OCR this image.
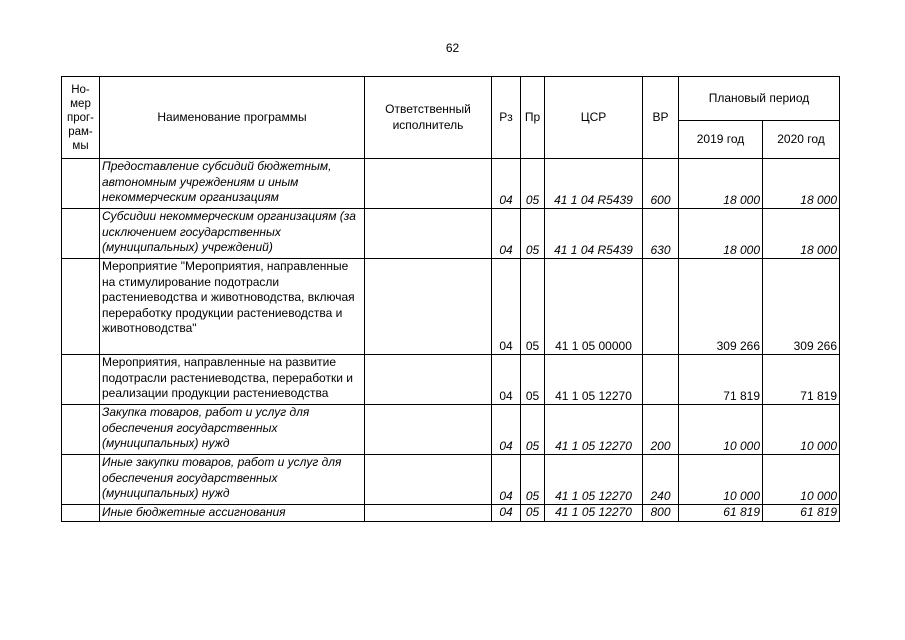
62
Но-мер прог-рам-мы	Наименование программы	Ответственный исполнитель	Рз	Пр	ЦСР	ВР	Плановый период	
							2019 год	2020 год
	Предоставление субсидий бюджетным, автономным учреждениям и иным некоммерческим организациям		04	05	41 1 04 R5439	600	18 000	18 000
	Субсидии некоммерческим организациям (за исключением государственных (муниципальных) учреждений)		04	05	41 1 04 R5439	630	18 000	18 000
	Мероприятие "Мероприятия, направленные на стимулирование подотрасли растениеводства и животноводства, включая переработку продукции растениеводства и животноводства"		04	05	41 1 05 00000		309 266	309 266
	Мероприятия, направленные на развитие подотрасли растениеводства, переработки и реализации продукции растениеводства		04	05	41 1 05 12270		71 819	71 819
	Закупка товаров, работ и услуг для обеспечения государственных (муниципальных) нужд		04	05	41 1 05 12270	200	10 000	10 000
	Иные закупки товаров, работ и услуг для обеспечения государственных (муниципальных) нужд		04	05	41 1 05 12270	240	10 000	10 000
	Иные бюджетные ассигнования		04	05	41 1 05 12270	800	61 819	61 819
